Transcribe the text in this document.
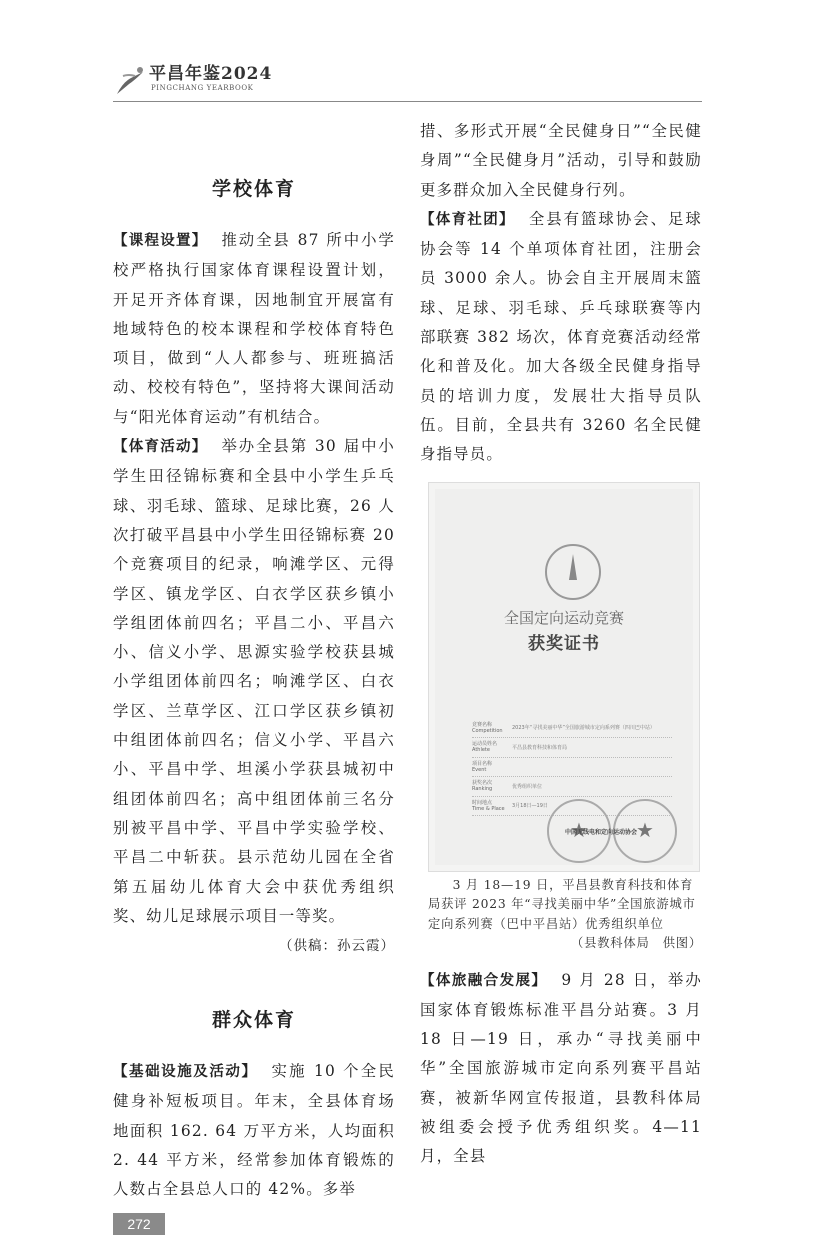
平昌年鉴2024
PINGCHANG YEARBOOK
学校体育

【课程设置】 推动全县 87 所中小学校严格执行国家体育课程设置计划，开足开齐体育课，因地制宜开展富有地域特色的校本课程和学校体育特色项目，做到“人人都参与、班班搞活动、校校有特色”，坚持将大课间活动与“阳光体育运动”有机结合。

【体育活动】 举办全县第 30 届中小学生田径锦标赛和全县中小学生乒乓球、羽毛球、篮球、足球比赛，26 人次打破平昌县中小学生田径锦标赛 20 个竞赛项目的纪录，响滩学区、元得学区、镇龙学区、白衣学区获乡镇小学组团体前四名；平昌二小、平昌六小、信义小学、思源实验学校获县城小学组团体前四名；响滩学区、白衣学区、兰草学区、江口学区获乡镇初中组团体前四名；信义小学、平昌六小、平昌中学、坦溪小学获县城初中组团体前四名；高中组团体前三名分别被平昌中学、平昌中学实验学校、平昌二中斩获。县示范幼儿园在全省第五届幼儿体育大会中获优秀组织奖、幼儿足球展示项目一等奖。

（供稿：孙云霞）
群众体育

【基础设施及活动】 实施 10 个全民健身补短板项目。年末，全县体育场地面积 162. 64 万平方米，人均面积 2. 44 平方米，经常参加体育锻炼的人数占全县总人口的 42%。多举

272

措、多形式开展“全民健身日”“全民健身周”“全民健身月”活动，引导和鼓励更多群众加入全民健身行列。

【体育社团】 全县有篮球协会、足球协会等 14 个单项体育社团，注册会员 3000 余人。协会自主开展周末篮球、足球、羽毛球、乒乓球联赛等内部联赛 382 场次，体育竞赛活动经常化和普及化。加大各级全民健身指导员的培训力度，发展壮大指导员队伍。目前，全县共有 3260 名全民健身指导员。

全国定向运动竞赛
获奖证书
竞赛名称
Competition	2023年“寻找美丽中华”全国旅游城市定向系列赛（四川巴中站）
运动员姓名
Athlete	平昌县教育科技和体育局
项目名称
Event
获奖名次
Ranking	优秀组织单位
时间地点
Time & Place	3月18日—19日
★	★
中国无线电和定向运动协会
3 月 18—19 日，平昌县教育科技和体育局获评 2023 年“寻找美丽中华”全国旅游城市定向系列赛（巴中平昌站）优秀组织单位
（县教科体局　供图）

【体旅融合发展】 9 月 28 日，举办国家体育锻炼标准平昌分站赛。3 月 18 日—19 日，承办“寻找美丽中华”全国旅游城市定向系列赛平昌站赛，被新华网宣传报道，县教科体局被组委会授予优秀组织奖。4—11 月，全县
